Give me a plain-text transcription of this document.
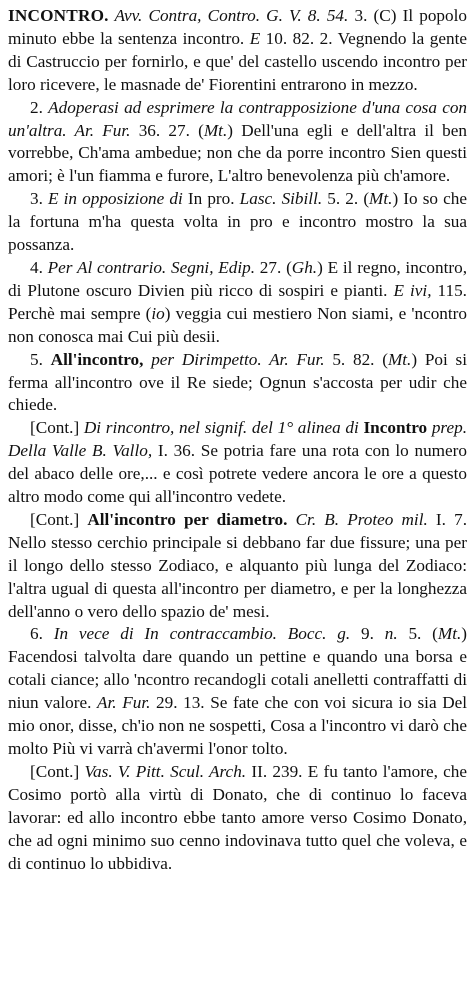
INCONTRO. Avv. Contra, Contro. G. V. 8. 54. 3. (C) Il popolo minuto ebbe la sentenza incontro. E 10. 82. 2. Vegnendo la gente di Castruccio per fornirlo, e que' del castello uscendo incontro per loro ricevere, le masnade de' Fiorentini entrarono in mezzo.

2. Adoperasi ad esprimere la contrapposizione d'una cosa con un'altra. Ar. Fur. 36. 27. (Mt.) Dell'una egli e dell'altra il ben vorrebbe, Ch'ama ambedue; non che da porre incontro Sien questi amori; è l'un fiamma e furore, L'altro benevolenza più ch'amore.

3. E in opposizione di In pro. Lasc. Sibill. 5. 2. (Mt.) Io so che la fortuna m'ha questa volta in pro e incontro mostro la sua possanza.

4. Per Al contrario. Segni, Edip. 27. (Gh.) E il regno, incontro, di Plutone oscuro Divien più ricco di sospiri e pianti. E ivi, 115. Perchè mai sempre (io) veggia cui mestiero Non siami, e 'ncontro non conosca mai Cui più desii.

5. All'incontro, per Dirimpetto. Ar. Fur. 5. 82. (Mt.) Poi si ferma all'incontro ove il Re siede; Ognun s'accosta per udir che chiede.

[Cont.] Di rincontro, nel signif. del 1° alinea di Incontro prep. Della Valle B. Vallo, I. 36. Se potria fare una rota con lo numero del abaco delle ore,... e così potrete vedere ancora le ore a questo altro modo come qui all'incontro vedete.

[Cont.] All'incontro per diametro. Cr. B. Proteo mil. I. 7. Nello stesso cerchio principale si debbano far due fissure; una per il longo dello stesso Zodiaco, e alquanto più lunga del Zodiaco: l'altra ugual di questa all'incontro per diametro, e per la longhezza dell'anno o vero dello spazio de' mesi.

6. In vece di In contraccambio. Bocc. g. 9. n. 5. (Mt.) Facendosi talvolta dare quando un pettine e quando una borsa e cotali ciance; allo 'ncontro recandogli cotali anelletti contraffatti di niun valore. Ar. Fur. 29. 13. Se fate che con voi sicura io sia Del mio onor, disse, ch'io non ne sospetti, Cosa a l'incontro vi darò che molto Più vi varrà ch'avermi l'onor tolto.

[Cont.] Vas. V. Pitt. Scul. Arch. II. 239. E fu tanto l'amore, che Cosimo portò alla virtù di Donato, che di continuo lo faceva lavorar: ed allo incontro ebbe tanto amore verso Cosimo Donato, che ad ogni minimo suo cenno indovinava tutto quel che voleva, e di continuo lo ubbidiva.
